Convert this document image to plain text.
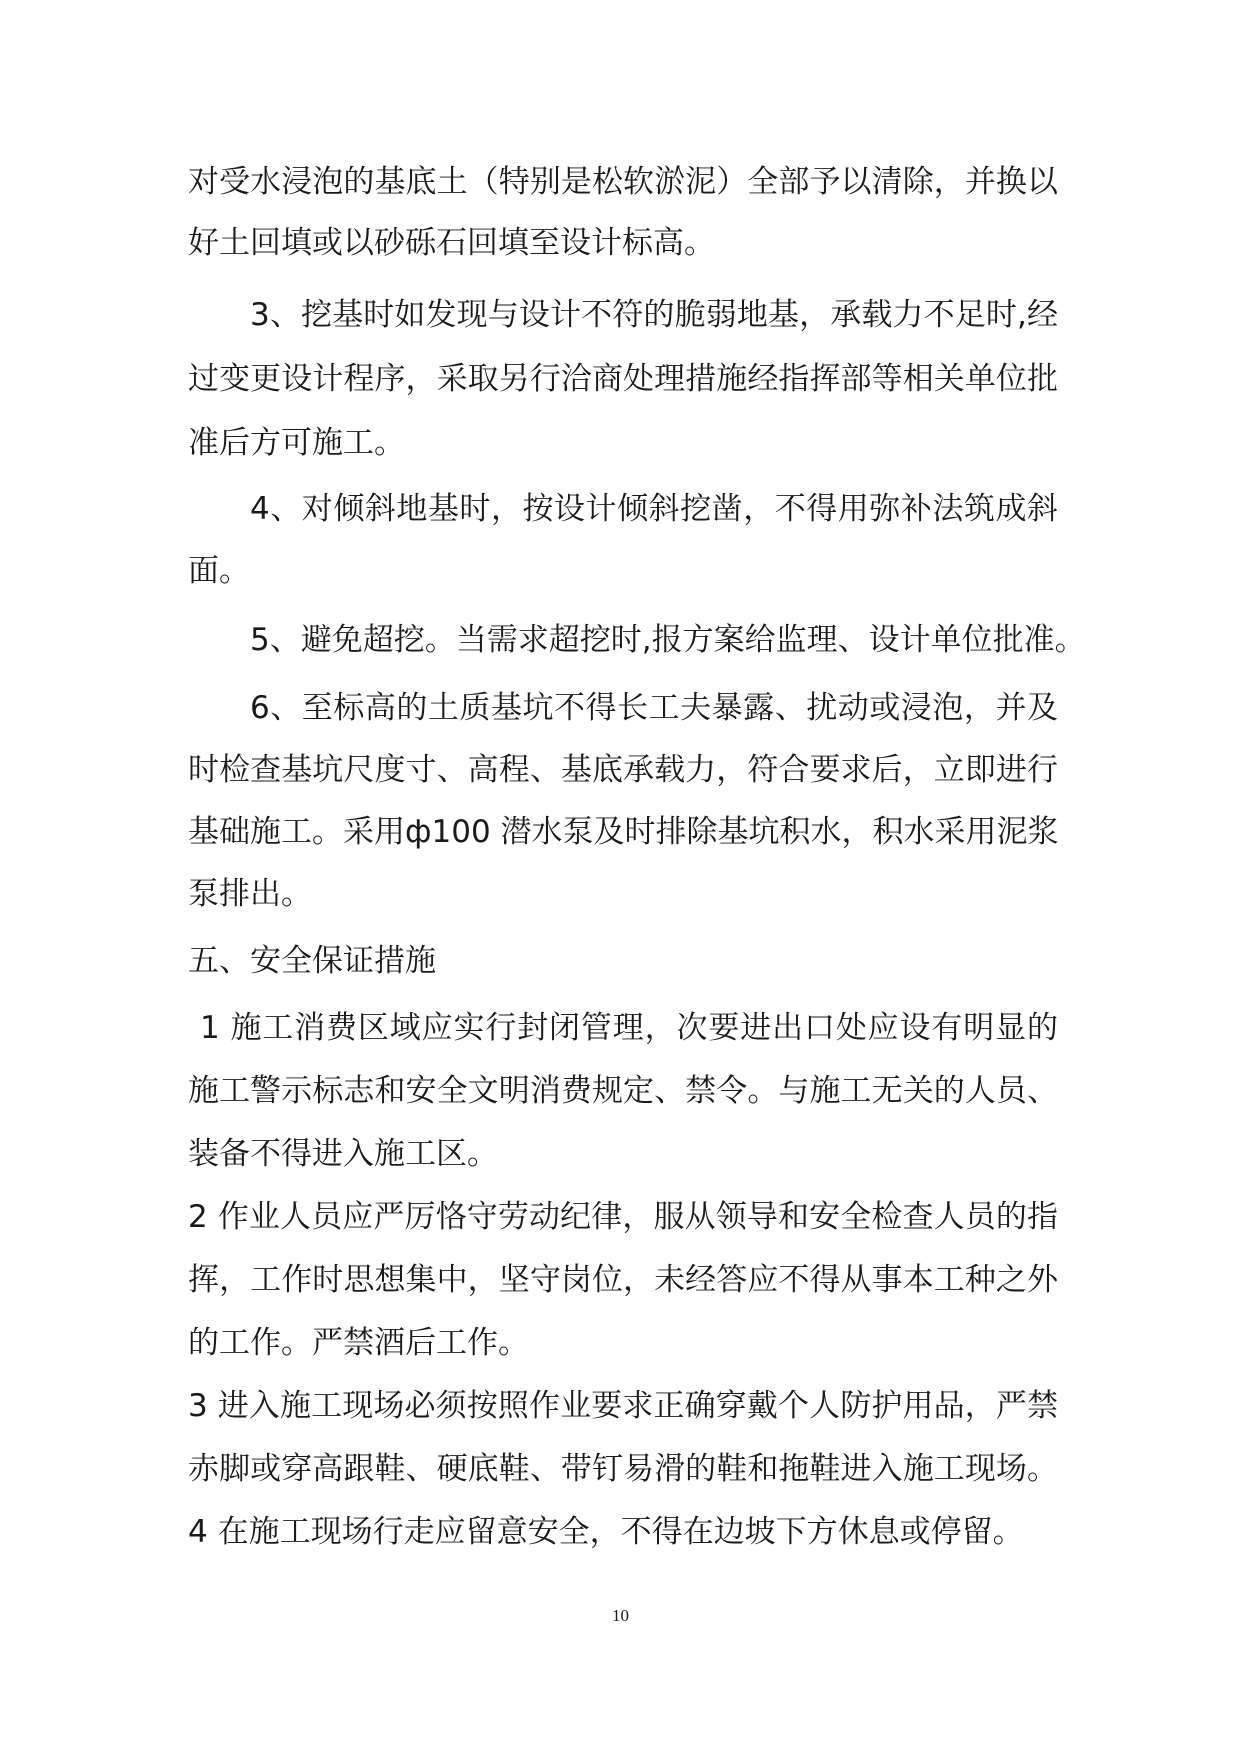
对受水浸泡的基底土（特别是松软淤泥）全部予以清除，并换以
好土回填或以砂砾石回填至设计标高。
3、挖基时如发现与设计不符的脆弱地基，承载力不足时,经
过变更设计程序，采取另行洽商处理措施经指挥部等相关单位批
准后方可施工。
4、对倾斜地基时，按设计倾斜挖凿，不得用弥补法筑成斜
面。
5、避免超挖。当需求超挖时,报方案给监理、设计单位批准。
6、至标高的土质基坑不得长工夫暴露、扰动或浸泡，并及
时检查基坑尺度寸、高程、基底承载力，符合要求后，立即进行
基础施工。采用ф100 潜水泵及时排除基坑积水，积水采用泥浆
泵排出。
五、安全保证措施
1 施工消费区域应实行封闭管理，次要进出口处应设有明显的
施工警示标志和安全文明消费规定、禁令。与施工无关的人员、
装备不得进入施工区。
2 作业人员应严厉恪守劳动纪律，服从领导和安全检查人员的指
挥，工作时思想集中，坚守岗位，未经答应不得从事本工种之外
的工作。严禁酒后工作。
3 进入施工现场必须按照作业要求正确穿戴个人防护用品，严禁
赤脚或穿高跟鞋、硬底鞋、带钉易滑的鞋和拖鞋进入施工现场。
4 在施工现场行走应留意安全，不得在边坡下方休息或停留。
10
